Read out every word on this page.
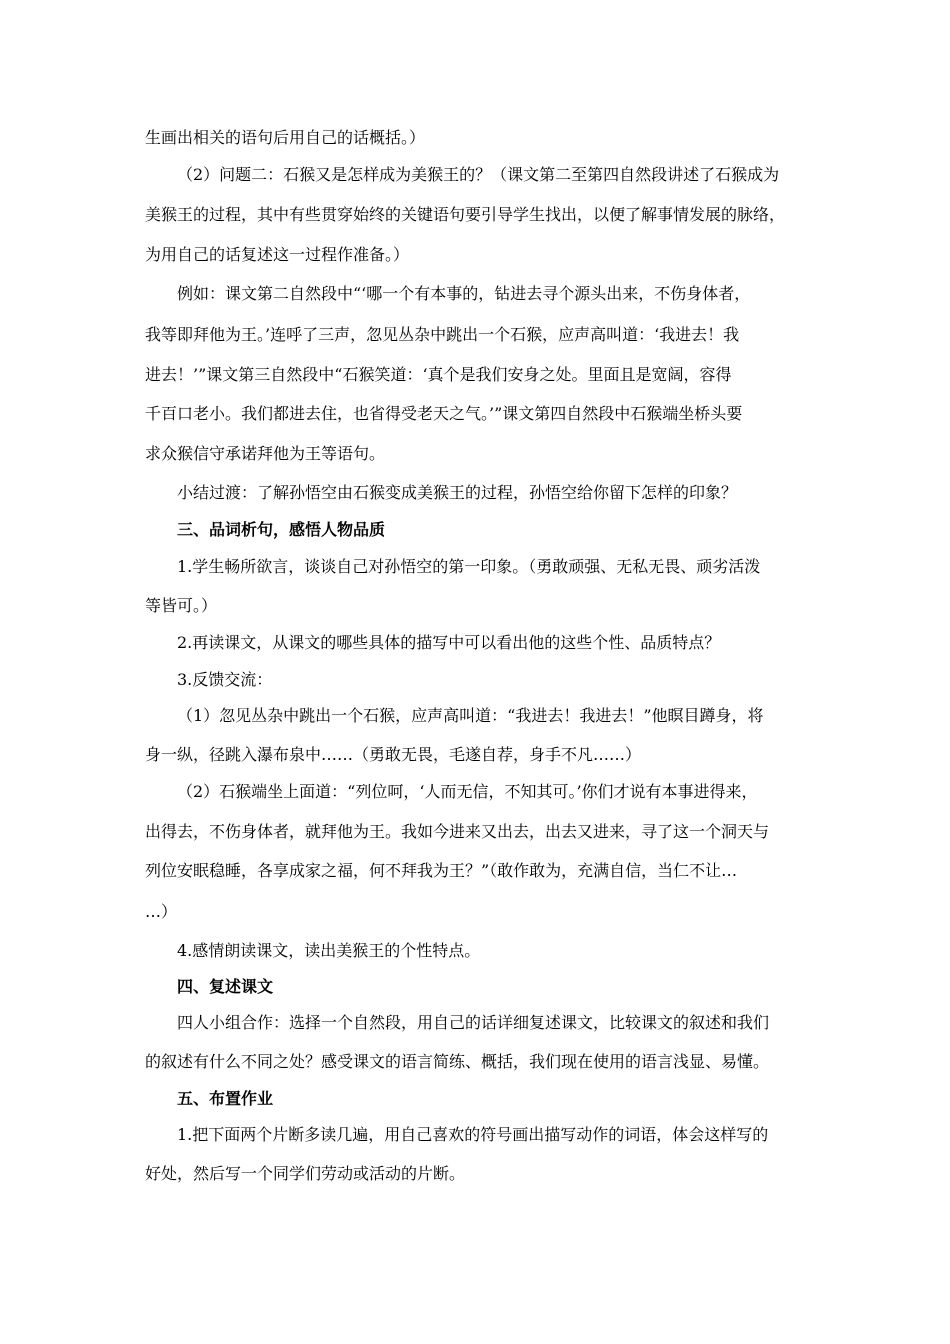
生画出相关的语句后用自己的话概括。）
（2）问题二：石猴又是怎样成为美猴王的？（课文第二至第四自然段讲述了石猴成为
美猴王的过程，其中有些贯穿始终的关键语句要引导学生找出，以便了解事情发展的脉络，
为用自己的话复述这一过程作准备。）
例如：课文第二自然段中“‘哪一个有本事的，钻进去寻个源头出来，不伤身体者，
我等即拜他为王。’连呼了三声，忽见丛杂中跳出一个石猴，应声高叫道：‘我进去！我
进去！’”课文第三自然段中“石猴笑道：‘真个是我们安身之处。里面且是宽阔，容得
千百口老小。我们都进去住，也省得受老天之气。’”课文第四自然段中石猴端坐桥头要
求众猴信守承诺拜他为王等语句。
小结过渡：了解孙悟空由石猴变成美猴王的过程，孙悟空给你留下怎样的印象？
三、品词析句，感悟人物品质
1.学生畅所欲言，谈谈自己对孙悟空的第一印象。（勇敢顽强、无私无畏、顽劣活泼
等皆可。）
2.再读课文，从课文的哪些具体的描写中可以看出他的这些个性、品质特点？
3.反馈交流：
（1）忽见丛杂中跳出一个石猴，应声高叫道：“我进去！我进去！”他瞑目蹲身，将
身一纵，径跳入瀑布泉中……（勇敢无畏，毛遂自荐，身手不凡……）
（2）石猴端坐上面道：“列位呵，‘人而无信，不知其可。’你们才说有本事进得来，
出得去，不伤身体者，就拜他为王。我如今进来又出去，出去又进来，寻了这一个洞天与
列位安眠稳睡，各享成家之福，何不拜我为王？”（敢作敢为，充满自信，当仁不让…
…）
4.感情朗读课文，读出美猴王的个性特点。
四、复述课文
四人小组合作：选择一个自然段，用自己的话详细复述课文，比较课文的叙述和我们
的叙述有什么不同之处？感受课文的语言简练、概括，我们现在使用的语言浅显、易懂。
五、布置作业
1.把下面两个片断多读几遍，用自己喜欢的符号画出描写动作的词语，体会这样写的
好处，然后写一个同学们劳动或活动的片断。
